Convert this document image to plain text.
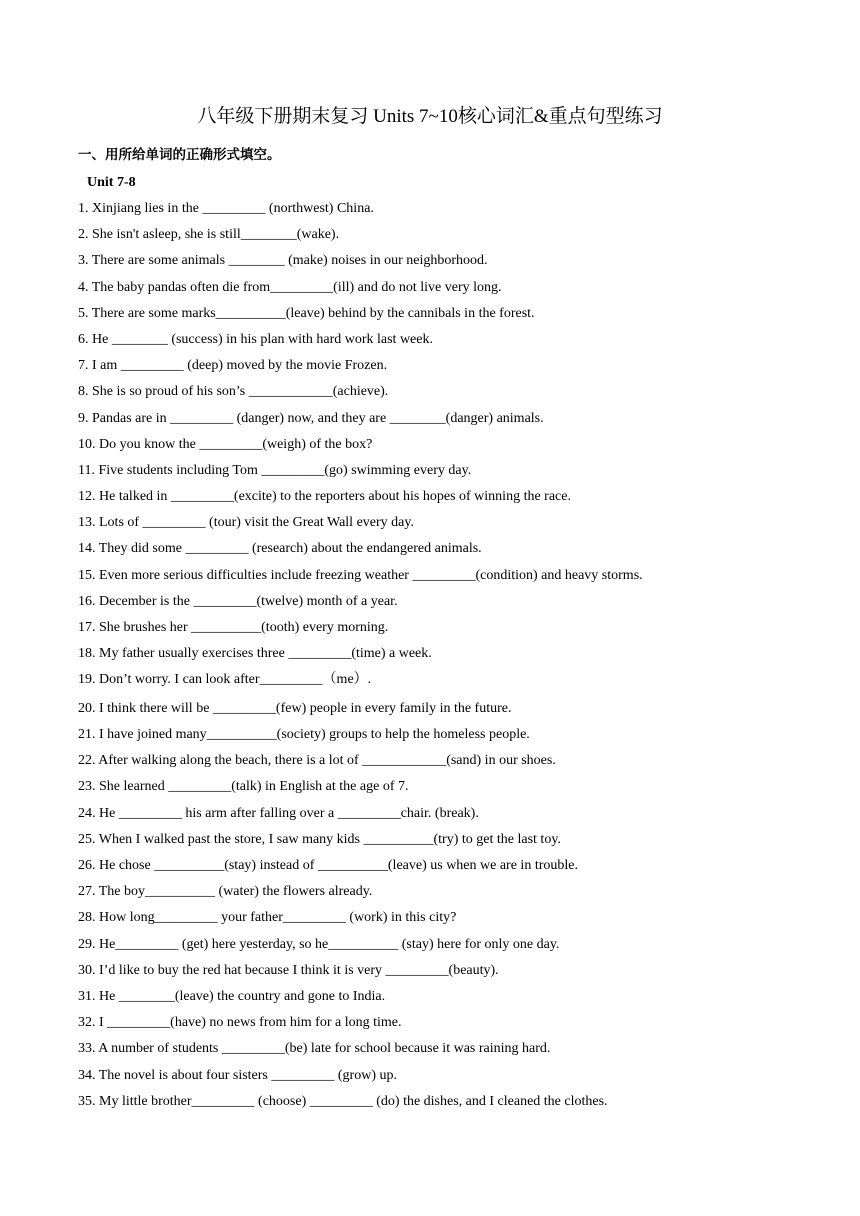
八年级下册期末复习 Units 7~10核心词汇&重点句型练习
一、用所给单词的正确形式填空。
Unit 7-8
1. Xinjiang lies in the _________ (northwest) China.
2. She isn't asleep, she is still________(wake).
3. There are some animals ________ (make) noises in our neighborhood.
4. The baby pandas often die from_________(ill) and do not live very long.
5. There are some marks__________(leave) behind by the cannibals in the forest.
6. He ________ (success) in his plan with hard work last week.
7. I am _________ (deep) moved by the movie Frozen.
8. She is so proud of his son’s ____________(achieve).
9. Pandas are in _________ (danger) now, and they are ________(danger) animals.
10. Do you know the _________(weigh) of the box?
11. Five students including Tom _________(go) swimming every day.
12. He talked in _________(excite) to the reporters about his hopes of winning the race.
13. Lots of _________ (tour) visit the Great Wall every day.
14. They did some _________ (research) about the endangered animals.
15. Even more serious difficulties include freezing weather _________(condition) and heavy storms.
16. December is the _________(twelve) month of a year.
17. She brushes her __________(tooth) every morning.
18. My father usually exercises three _________(time) a week.
19. Don’t worry. I can look after_________（me）.
20. I think there will be _________(few) people in every family in the future.
21. I have joined many__________(society) groups to help the homeless people.
22. After walking along the beach, there is a lot of ____________(sand) in our shoes.
23. She learned _________(talk) in English at the age of 7.
24. He _________ his arm after falling over a _________chair. (break).
25. When I walked past the store, I saw many kids __________(try) to get the last toy.
26. He chose __________(stay) instead of __________(leave) us when we are in trouble.
27. The boy__________ (water) the flowers already.
28. How long_________ your father_________ (work) in this city?
29. He_________ (get) here yesterday, so he__________ (stay) here for only one day.
30. I’d like to buy the red hat because I think it is very _________(beauty).
31. He ________(leave) the country and gone to India.
32. I _________(have) no news from him for a long time.
33. A number of students _________(be) late for school because it was raining hard.
34. The novel is about four sisters _________ (grow) up.
35. My little brother_________ (choose) _________ (do) the dishes, and I cleaned the clothes.
